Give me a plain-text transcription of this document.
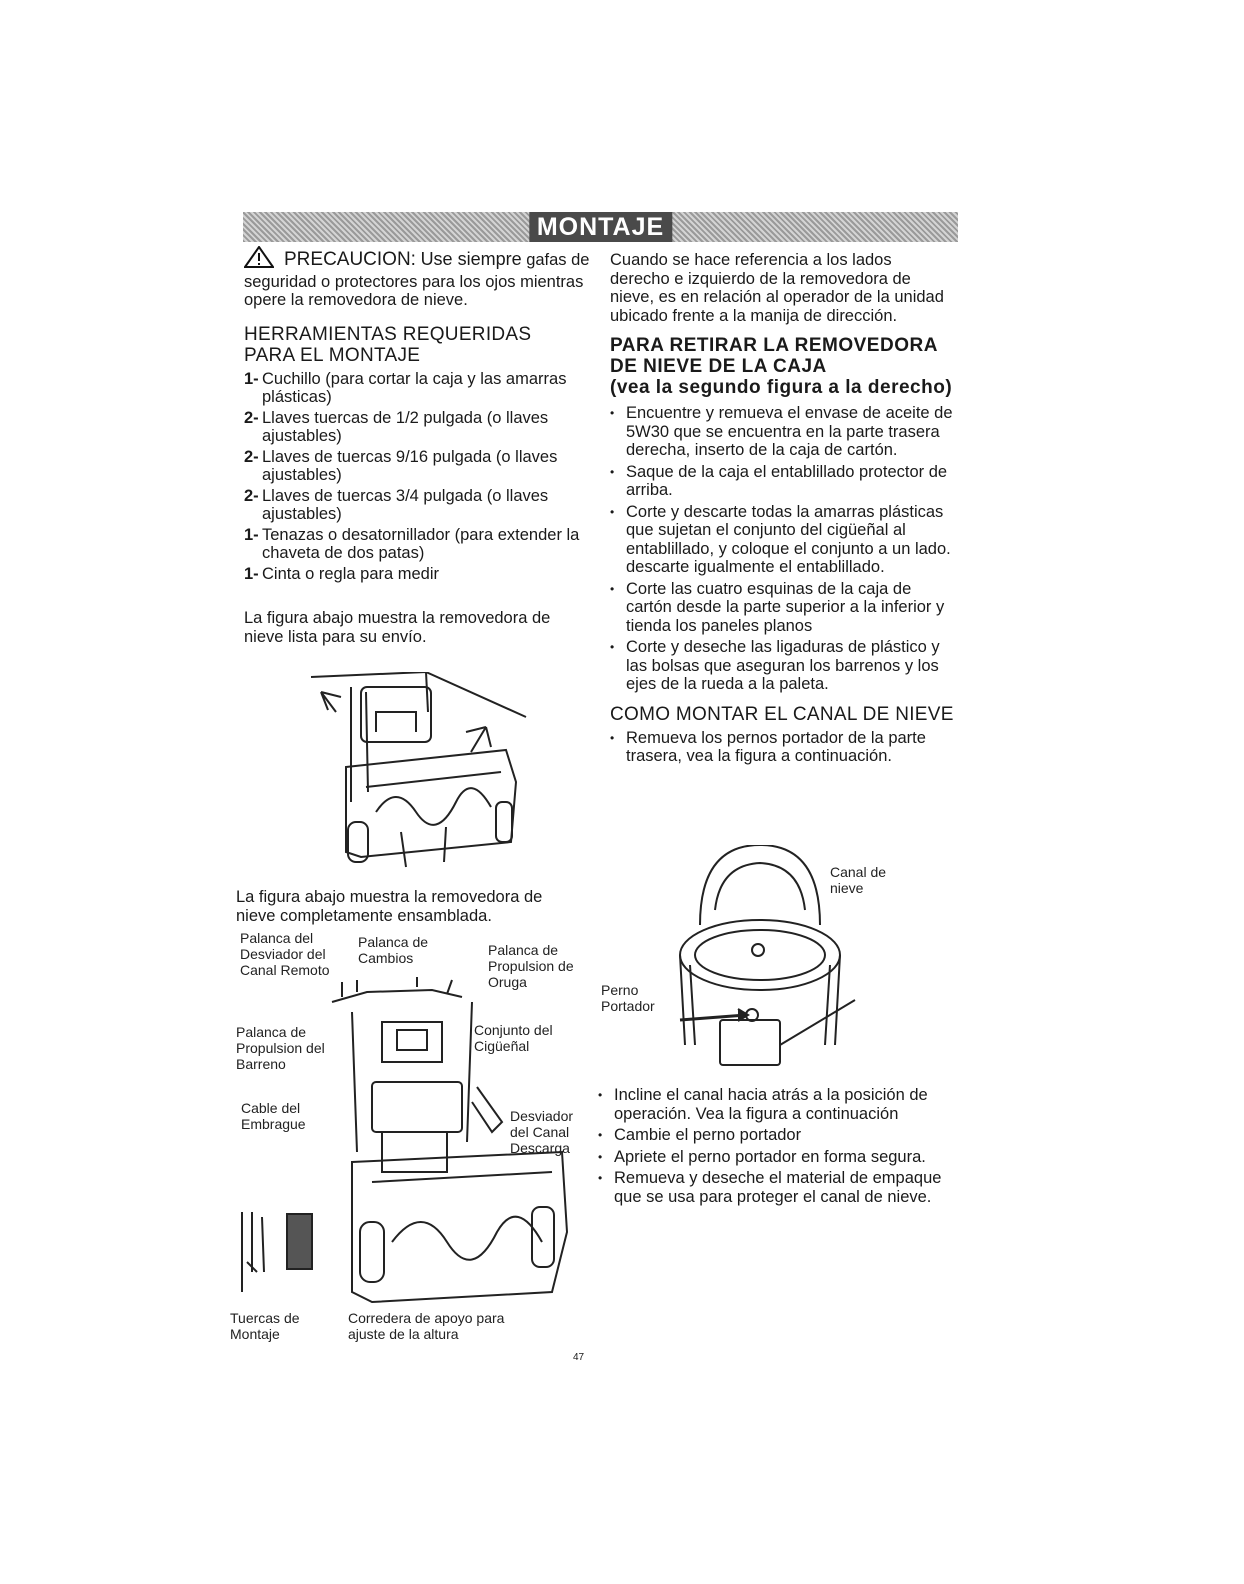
MONTAJE

PRECAUCION: Use siempre gafas de seguridad o protectores para los ojos mientras opere la removedora de nieve.

HERRAMIENTAS REQUERIDAS PARA EL MONTAJE
1- Cuchillo (para cortar la caja y las amarras plásticas)
2- Llaves tuercas de 1/2 pulgada (o llaves ajustables)
2- Llaves de tuercas 9/16 pulgada (o llaves ajustables)
2- Llaves de tuercas 3/4 pulgada (o llaves ajustables)
1- Tenazas o desatornillador (para extender la chaveta de dos patas)
1- Cinta o regla para medir

La figura abajo muestra la removedora de nieve lista para su envío.

La figura abajo muestra la removedora de nieve completamente ensamblada.

Palanca del Desviador del Canal Remoto
Palanca de Cambios	Palanca de Propulsion de Oruga
Palanca de Propulsion del Barreno
Conjunto del Cigüeñal
Cable del Embrague	Desviador del Canal Descarga
Tuercas de Montaje
Corredera de apoyo para ajuste de la altura

Cuando se hace referencia a los lados derecho e izquierdo de la removedora de nieve, es en relación al operador de la unidad ubicado frente a la manija de dirección.

PARA RETIRAR LA REMOVEDORA DE NIEVE DE LA CAJA
(vea la segundo figura a la derecho)
• Encuentre y remueva el envase de aceite de 5W30 que se encuentra en la parte trasera derecha, inserto de la caja de cartón.
• Saque de la caja el entablillado protector de arriba.
• Corte y descarte todas la amarras plásticas que sujetan el conjunto del cigüeñal al entablillado, y coloque el conjunto a un lado. descarte igualmente el entablillado.
• Corte las cuatro esquinas de la caja de cartón desde la parte superior a la inferior y tienda los paneles planos
• Corte y deseche las ligaduras de plástico y las bolsas que aseguran los barrenos y los ejes de la rueda a la paleta.
COMO MONTAR EL CANAL DE NIEVE
• Remueva los pernos portador de la parte trasera, vea la figura a continuación.
Canal de nieve
Perno Portador
• Incline el canal hacia atrás a la posición de operación. Vea la figura a continuación
• Cambie el perno portador
• Apriete el perno portador en forma segura.
• Remueva y deseche el material de empaque que se usa para proteger el canal de nieve.
47
